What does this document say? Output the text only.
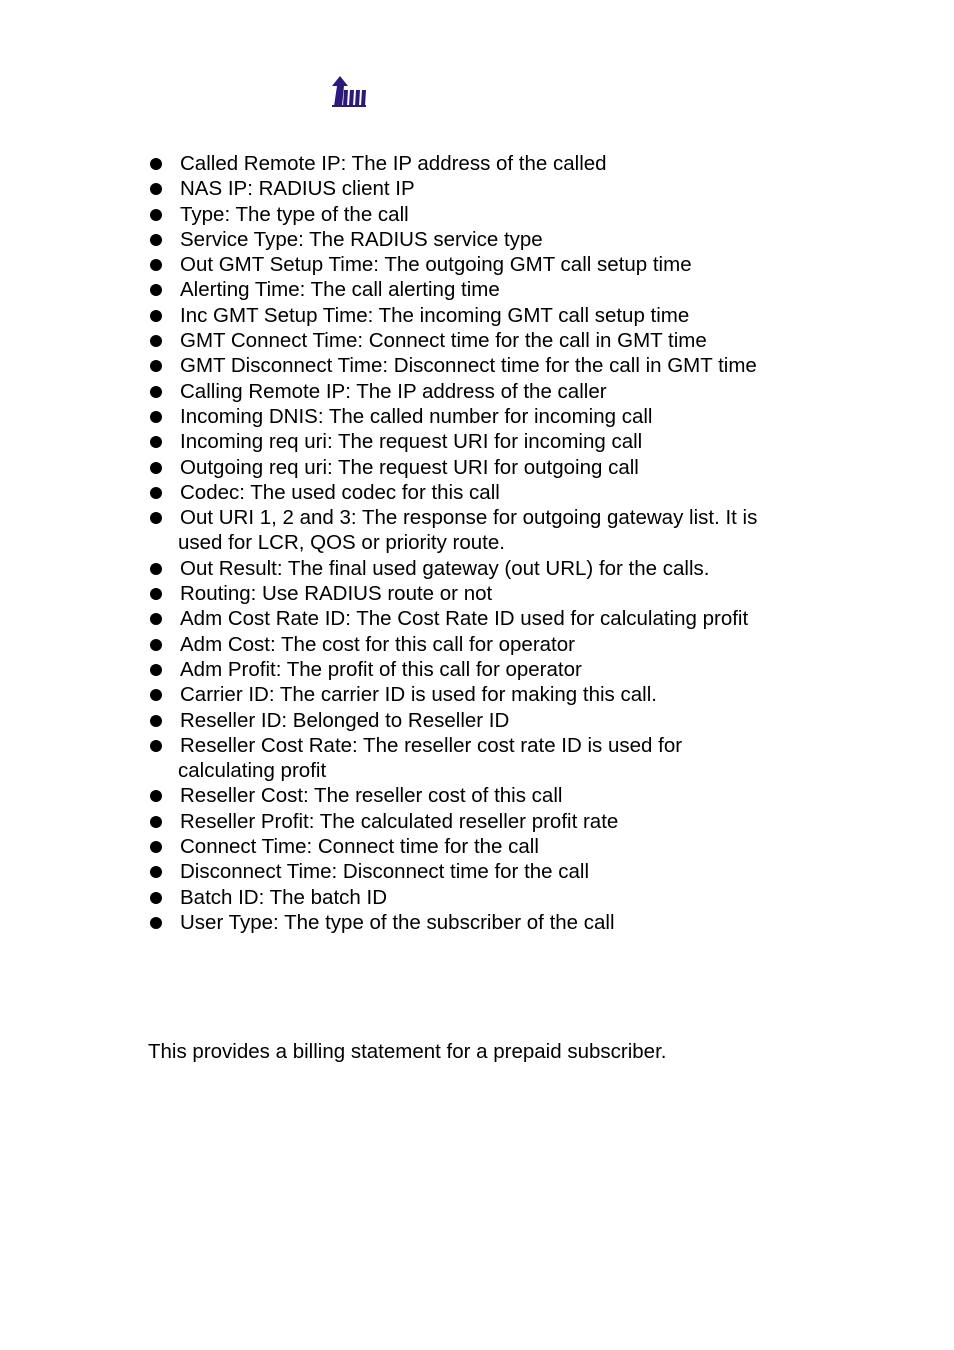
Called Remote IP: The IP address of the called
NAS IP: RADIUS client IP
Type: The type of the call
Service Type: The RADIUS service type
Out GMT Setup Time: The outgoing GMT call setup time
Alerting Time: The call alerting time
Inc GMT Setup Time: The incoming GMT call setup time
GMT Connect Time: Connect time for the call in GMT time
GMT Disconnect Time: Disconnect time for the call in GMT time
Calling Remote IP: The IP address of the caller
Incoming DNIS: The called number for incoming call
Incoming req uri: The request URI for incoming call
Outgoing req uri: The request URI for outgoing call
Codec: The used codec for this call
Out URI 1, 2 and 3: The response for outgoing gateway list. It is
used for LCR, QOS or priority route.
Out Result: The final used gateway (out URL) for the calls.
Routing: Use RADIUS route or not
Adm Cost Rate ID: The Cost Rate ID used for calculating profit
Adm Cost: The cost for this call for operator
Adm Profit: The profit of this call for operator
Carrier ID: The carrier ID is used for making this call.
Reseller ID: Belonged to Reseller ID
Reseller Cost Rate: The reseller cost rate ID is used for
calculating profit
Reseller Cost: The reseller cost of this call
Reseller Profit: The calculated reseller profit rate
Connect Time: Connect time for the call
Disconnect Time: Disconnect time for the call
Batch ID: The batch ID
User Type: The type of the subscriber of the call
This provides a billing statement for a prepaid subscriber.
